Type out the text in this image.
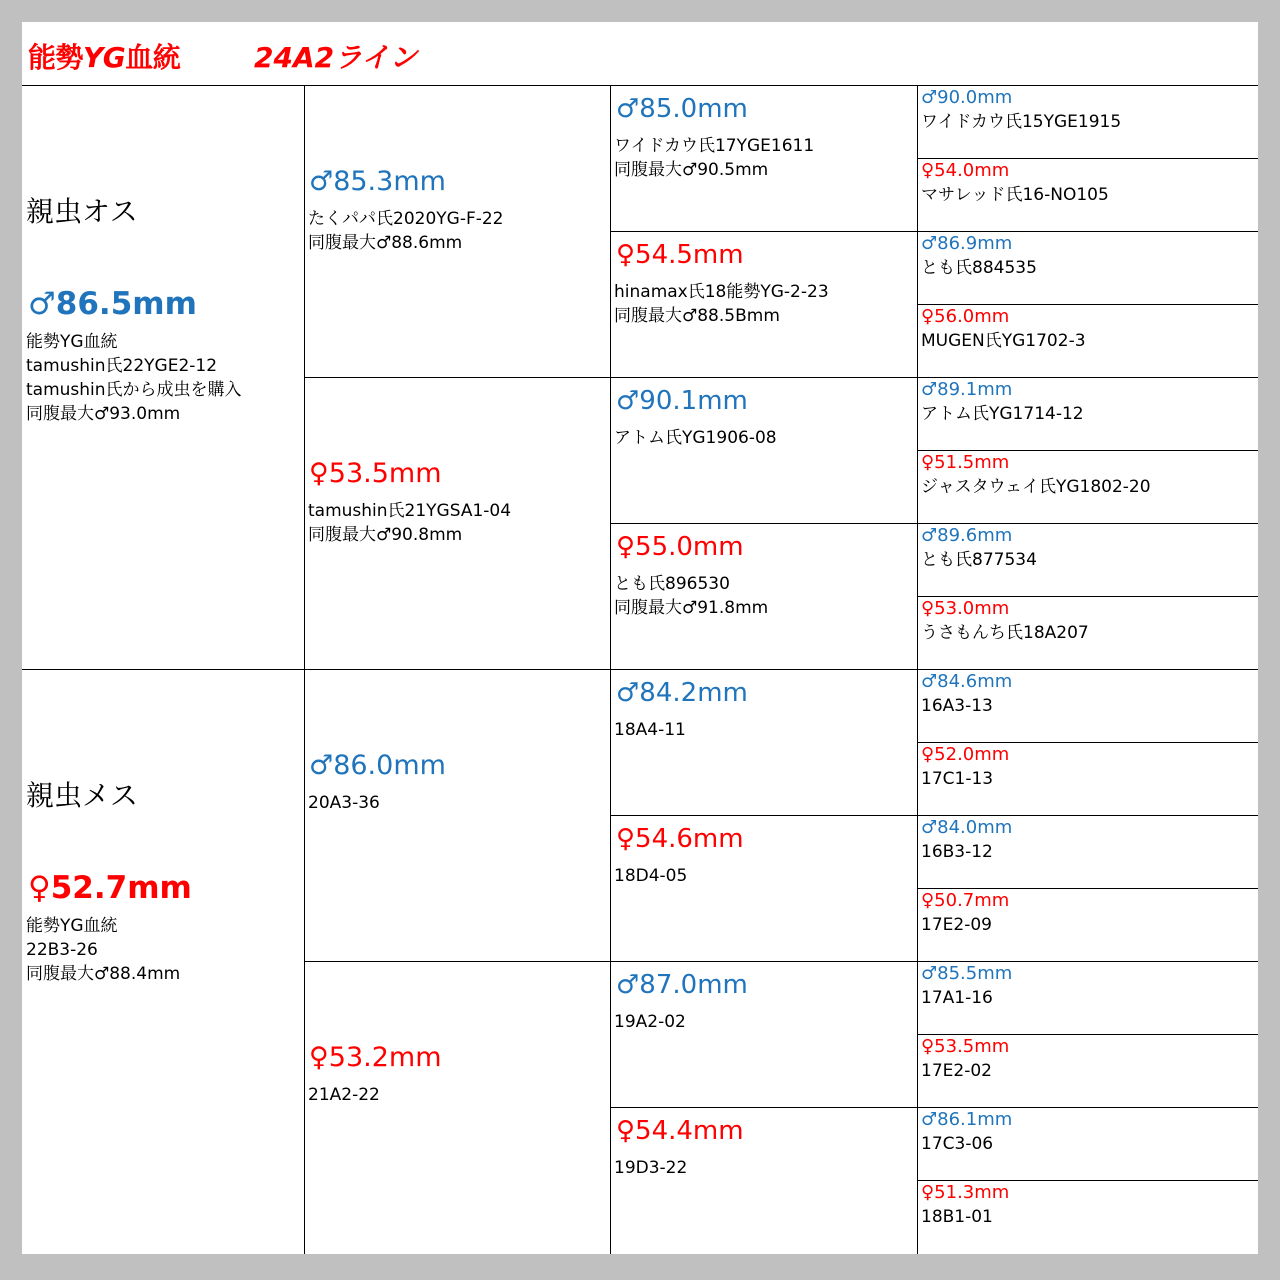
能勢YG血統	24A2ライン
親虫オス
♂86.5mm
能勢YG血統
tamushin氏22YGE2-12
tamushin氏から成虫を購入
同腹最大♂93.0mm
親虫メス
♀52.7mm
能勢YG血統
22B3-26
同腹最大♂88.4mm
♂85.3mm
たくパパ氏2020YG-F-22
同腹最大♂88.6mm
♀53.5mm
tamushin氏21YGSA1-04
同腹最大♂90.8mm
♂86.0mm
20A3-36
♀53.2mm
21A2-22
♂85.0mm
ワイドカウ氏17YGE1611
同腹最大♂90.5mm
♀54.5mm
hinamax氏18能勢YG-2-23
同腹最大♂88.5Bmm
♂90.1mm
アトム氏YG1906-08
♀55.0mm
とも氏896530
同腹最大♂91.8mm
♂84.2mm
18A4-11
♀54.6mm
18D4-05
♂87.0mm
19A2-02
♀54.4mm
19D3-22
♂90.0mm
ワイドカウ氏15YGE1915
♀54.0mm
マサレッド氏16-NO105
♂86.9mm
とも氏884535
♀56.0mm
MUGEN氏YG1702-3
♂89.1mm
アトム氏YG1714-12
♀51.5mm
ジャスタウェイ氏YG1802-20
♂89.6mm
とも氏877534
♀53.0mm
うさもんち氏18A207
♂84.6mm
16A3-13
♀52.0mm
17C1-13
♂84.0mm
16B3-12
♀50.7mm
17E2-09
♂85.5mm
17A1-16
♀53.5mm
17E2-02
♂86.1mm
17C3-06
♀51.3mm
18B1-01
